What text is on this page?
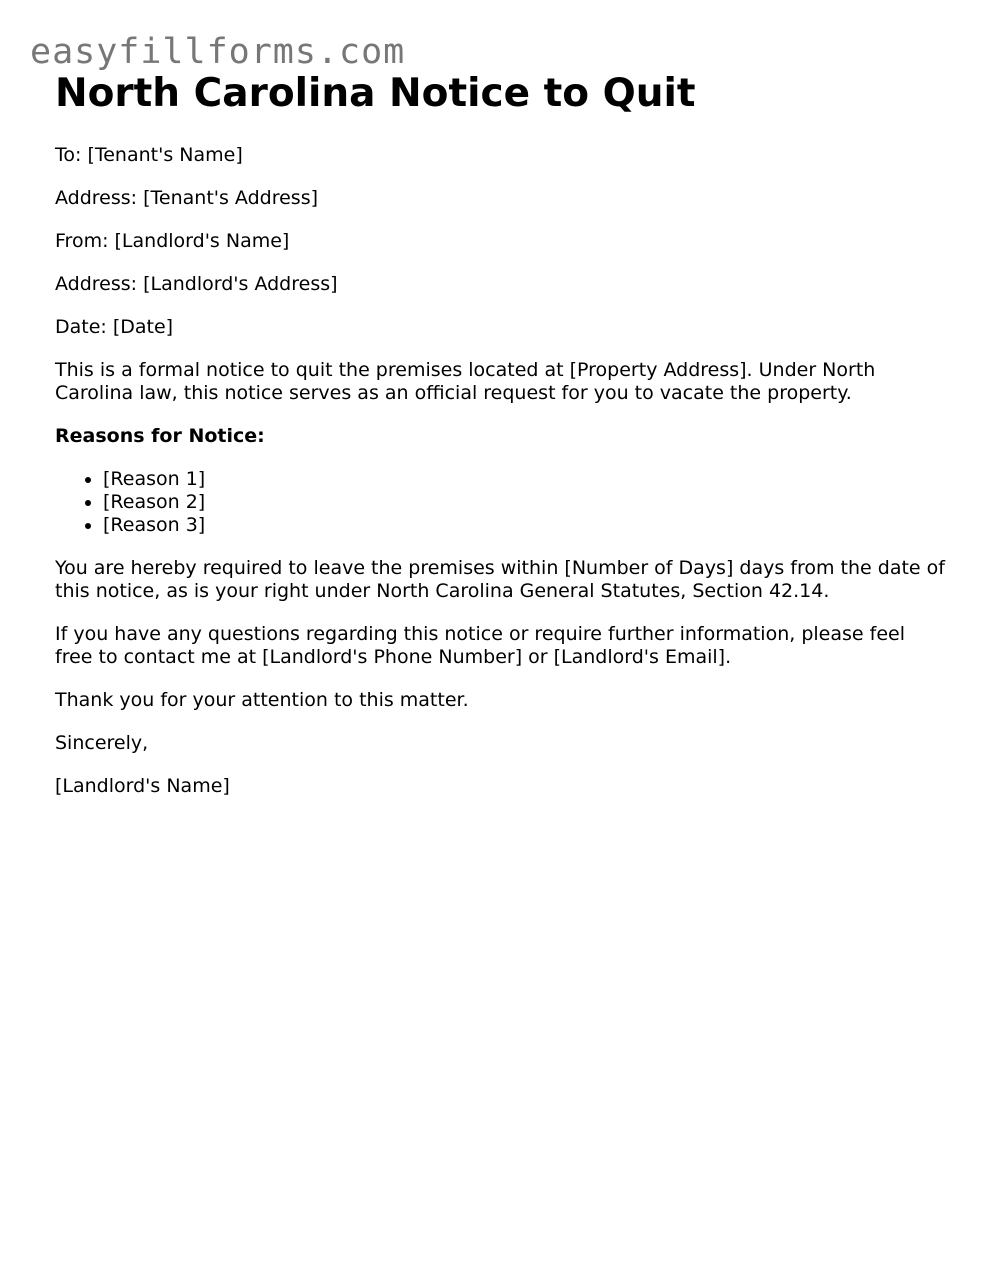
easyfillforms.com
North Carolina Notice to Quit

To: [Tenant's Name]

Address: [Tenant's Address]

From: [Landlord's Name]

Address: [Landlord's Address]

Date: [Date]

This is a formal notice to quit the premises located at [Property Address]. Under North Carolina law, this notice serves as an official request for you to vacate the property.

Reasons for Notice:

• [Reason 1]
• [Reason 2]
• [Reason 3]

You are hereby required to leave the premises within [Number of Days] days from the date of this notice, as is your right under North Carolina General Statutes, Section 42.14.

If you have any questions regarding this notice or require further information, please feel free to contact me at [Landlord's Phone Number] or [Landlord's Email].

Thank you for your attention to this matter.

Sincerely,

[Landlord's Name]
